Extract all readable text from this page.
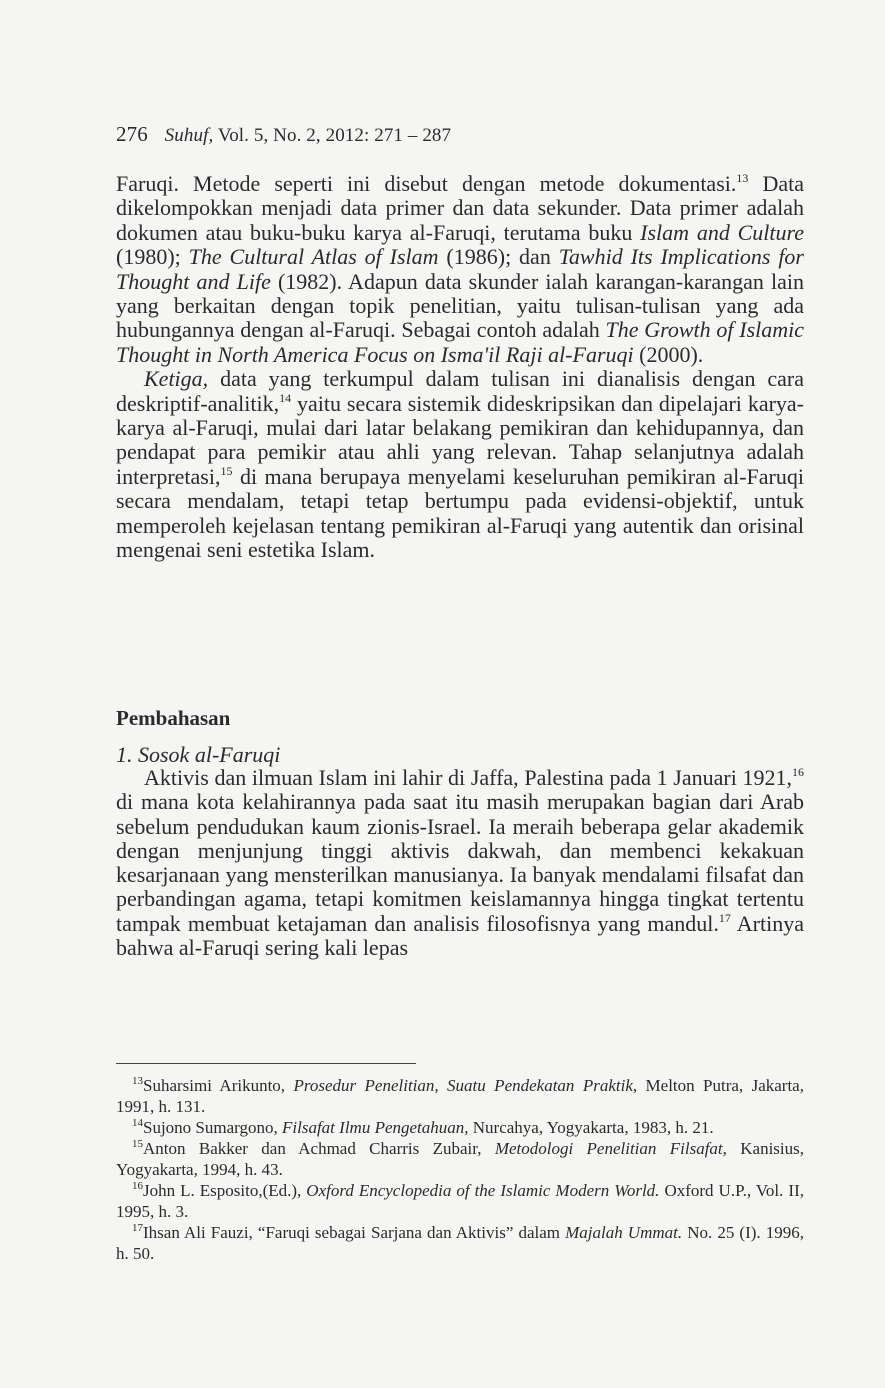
276 Suhuf, Vol. 5, No. 2, 2012: 271 – 287

Faruqi. Metode seperti ini disebut dengan metode dokumentasi.$^{13}$ Data dikelompokkan menjadi data primer dan data sekunder. Data primer adalah dokumen atau buku-buku karya al-Faruqi, terutama buku Islam and Culture (1980); The Cultural Atlas of Islam (1986); dan Tawhid Its Implications for Thought and Life (1982). Adapun data skunder ialah karangan-karangan lain yang berkaitan dengan topik penelitian, yaitu tulisan-tulisan yang ada hubungannya dengan al-Faruqi. Sebagai contoh adalah The Growth of Islamic Thought in North America Focus on Isma'il Raji al-Faruqi (2000).

Ketiga, data yang terkumpul dalam tulisan ini dianalisis dengan cara deskriptif-analitik,$^{14}$ yaitu secara sistemik dideskripsikan dan dipelajari karya-karya al-Faruqi, mulai dari latar belakang pemikiran dan kehidupannya, dan pendapat para pemikir atau ahli yang relevan. Tahap selanjutnya adalah interpretasi,$^{15}$ di mana berupaya menyelami keseluruhan pemikiran al-Faruqi secara mendalam, tetapi tetap bertumpu pada evidensi-objektif, untuk memperoleh kejelasan tentang pemikiran al-Faruqi yang autentik dan orisinal mengenai seni estetika Islam.

Pembahasan
1. Sosok al-Faruqi

Aktivis dan ilmuan Islam ini lahir di Jaffa, Palestina pada 1 Januari 1921,16 di mana kota kelahirannya pada saat itu masih merupakan bagian dari Arab sebelum pendudukan kaum zionis-Israel. Ia meraih beberapa gelar akademik dengan menjunjung tinggi aktivis dakwah, dan membenci kekakuan kesarjanaan yang mensterilkan manusianya. Ia banyak mendalami filsafat dan perbandingan agama, tetapi komitmen keislamannya hingga tingkat tertentu tampak membuat ketajaman dan analisis filosofisnya yang mandul.$^{17}$ Artinya bahwa al-Faruqi sering kali lepas

$^{13}$Suharsimi Arikunto, Prosedur Penelitian, Suatu Pendekatan Praktik, Melton Putra, Jakarta, 1991, h. 131.

$^{14}$Sujono Sumargono, Filsafat Ilmu Pengetahuan, Nurcahya, Yogyakarta, 1983, h. 21.

$^{15}$Anton Bakker dan Achmad Charris Zubair, Metodologi Penelitian Filsafat, Kanisius, Yogyakarta, 1994, h. 43.

$^{16}$John L. Esposito,(Ed.), Oxford Encyclopedia of the Islamic Modern World. Oxford U.P., Vol. II, 1995, h. 3.

$^{17}$Ihsan Ali Fauzi, “Faruqi sebagai Sarjana dan Aktivis” dalam Majalah Ummat. No. 25 (I). 1996, h. 50.
